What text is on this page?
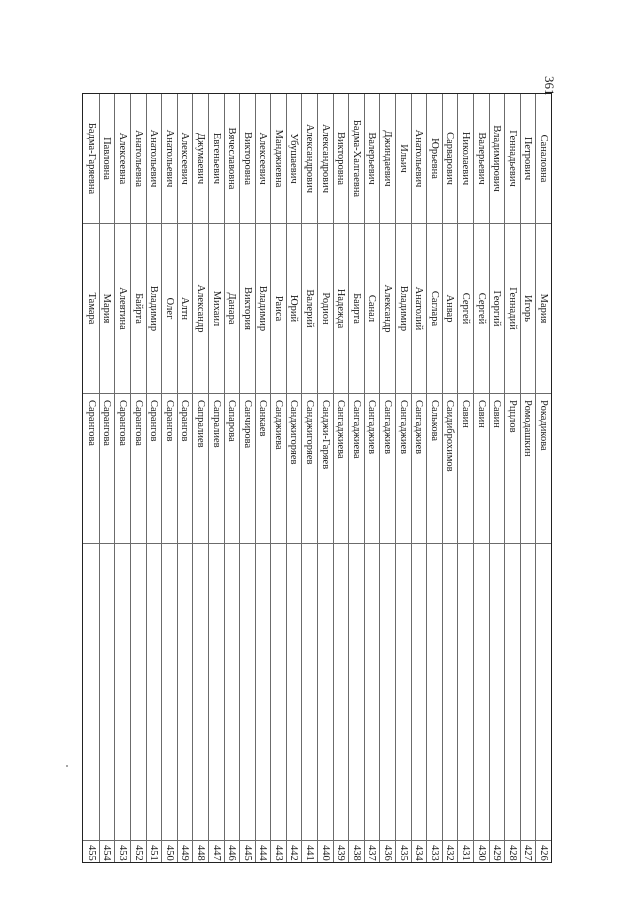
361
Саналовна
Мария
Рокадикова
426
Петрович
Игорь
Ромодашкин
427
Геннадьевич
Геннадий
Рццлов
428
Владимирович
Георгий
Савин
429
Валерьевич
Сергей
Савин
430
Николаевич
Сергей
Савин
431
Сарварович
Анвар
Саидиброхимов
432
Юрьевна
Саглара
Салькова
433
Анатольевич
Анатолий
Сангаджиев
434
Ильич
Владимир
Сангаджиев
435
Джиндаевич
Александр
Сангаджиев
436
Валерьевич
Санал
Сангаджиев
437
Бадма-Халгаевна
Баирта
Сангаджиева
438
Викторовна
Надежда
Сангаджиева
439
Александрович
Родион
Санджи-Гаряев
440
Александрович
Валерий
Санджигоряев
441
Убушаевич
Юрий
Санджигоряев
442
Манджиевна
Раиса
Санджиева
443
Алексеевич
Владимир
Санкаев
444
Викторовна
Виктория
Санчирова
445
Вячеславовна
Данара
Сапарова
446
Евгеньевич
Михаил
Сапралиев
447
Джумаевич
Александр
Сапралиев
448
Алексеевич
Алтн
Сарангов
449
Анатольевич
Олег
Сарангов
450
Анатольевич
Владимир
Сарангов
451
Анатольевна
Байрта
Сарангова
452
Алексеевна
Алевтина
Сарангова
453
Павловна
Мария
Сарангова
454
Бадма-Гаряевна
Тамара
Сарангова
455
